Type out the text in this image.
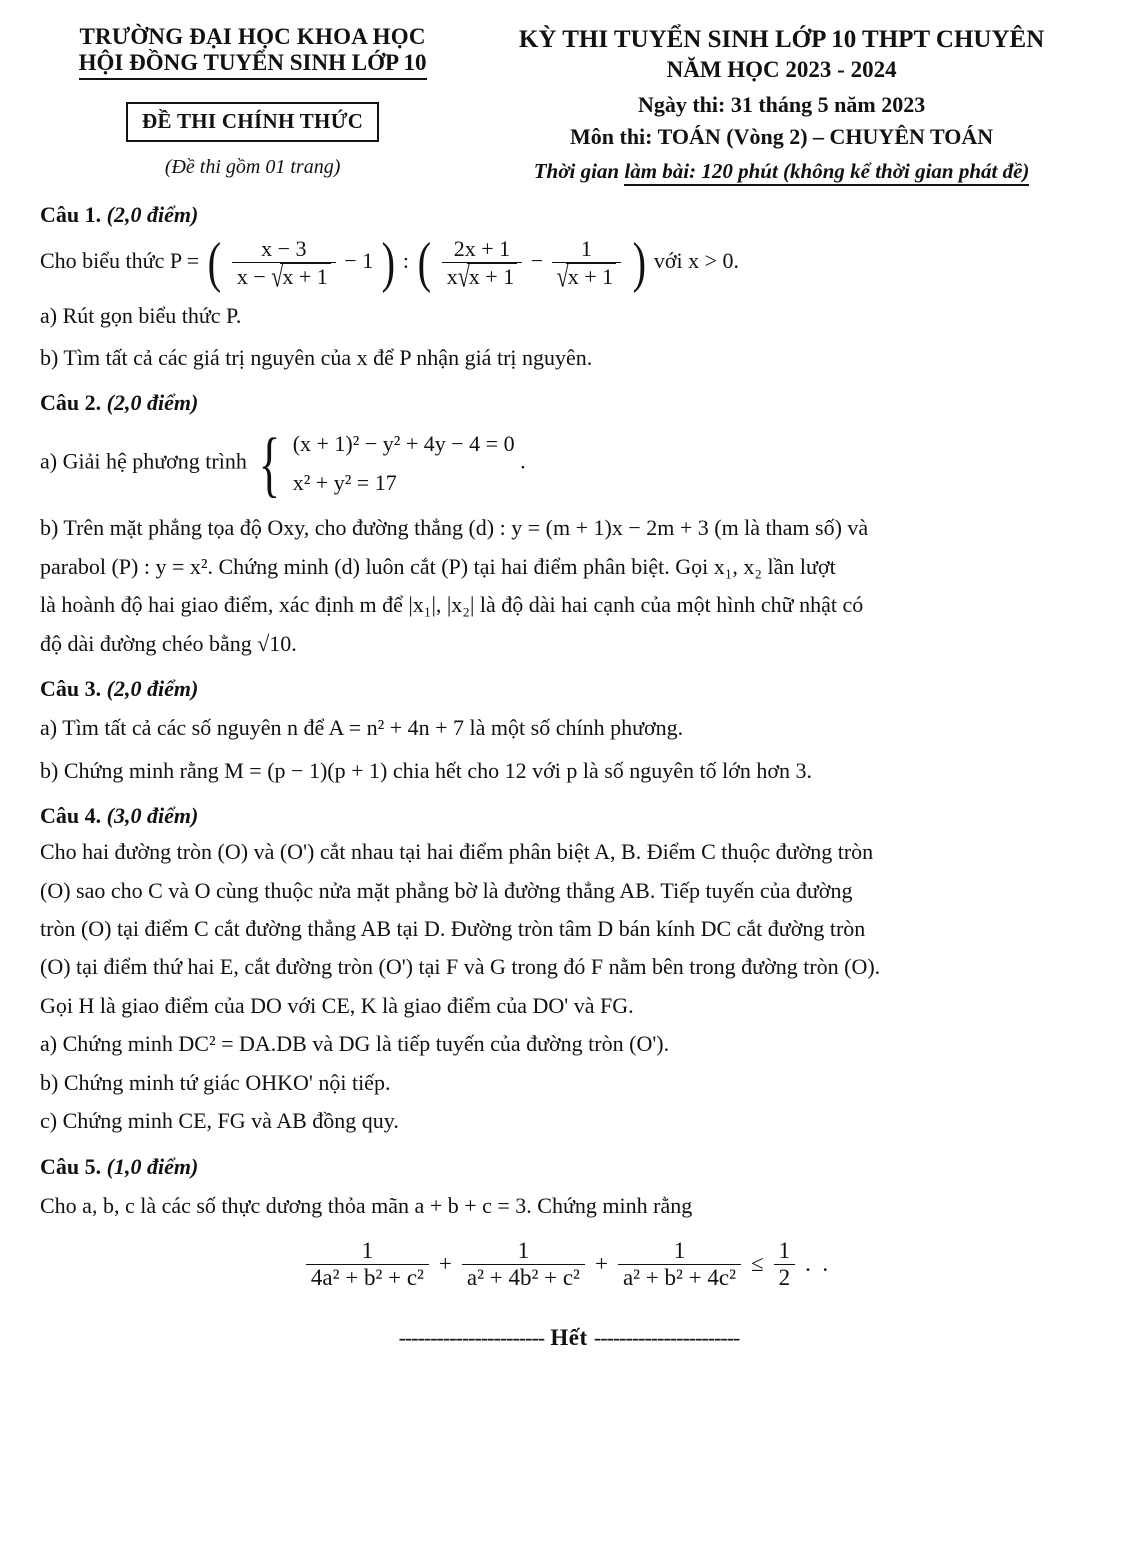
TRƯỜNG ĐẠI HỌC KHOA HỌC
HỘI ĐỒNG TUYỂN SINH LỚP 10
ĐỀ THI CHÍNH THỨC
(Đề thi gồm 01 trang)
KỲ THI TUYỂN SINH LỚP 10 THPT CHUYÊN
NĂM HỌC 2023 - 2024
Ngày thi: 31 tháng 5 năm 2023
Môn thi: TOÁN (Vòng 2) – CHUYÊN TOÁN
Thời gian làm bài: 120 phút (không kể thời gian phát đề)
Câu 1. (2,0 điểm)
Cho biểu thức P = ( $\frac{x - 3}{x - √x + 1} - 1$ ) : ( $\frac{2x + 1}{x√x + 1} - \frac{1}{√x + 1}$ ) với x > 0.
a) Rút gọn biểu thức P.
b) Tìm tất cả các giá trị nguyên của x để P nhận giá trị nguyên.
Câu 2. (2,0 điểm)
a) Giải hệ phương trình { (x + 1)² − y² + 4y − 4 = 0
x² + y² = 17
.
b) Trên mặt phẳng tọa độ Oxy, cho đường thẳng (d) : y = (m + 1)x − 2m + 3 (m là tham số) và
parabol (P) : y = x². Chứng minh (d) luôn cắt (P) tại hai điểm phân biệt. Gọi x₁, x₂ lần lượt
là hoành độ hai giao điểm, xác định m để |x₁|, |x₂| là độ dài hai cạnh của một hình chữ nhật có
độ dài đường chéo bằng √10.
Câu 3. (2,0 điểm)
a) Tìm tất cả các số nguyên n để A = n² + 4n + 7 là một số chính phương.
b) Chứng minh rằng M = (p − 1)(p + 1) chia hết cho 12 với p là số nguyên tố lớn hơn 3.
Câu 4. (3,0 điểm)
Cho hai đường tròn (O) và (O') cắt nhau tại hai điểm phân biệt A, B. Điểm C thuộc đường tròn
(O) sao cho C và O cùng thuộc nửa mặt phẳng bờ là đường thẳng AB. Tiếp tuyến của đường
tròn (O) tại điểm C cắt đường thẳng AB tại D. Đường tròn tâm D bán kính DC cắt đường tròn
(O) tại điểm thứ hai E, cắt đường tròn (O') tại F và G trong đó F nằm bên trong đường tròn (O).
Gọi H là giao điểm của DO với CE, K là giao điểm của DO' và FG.
a) Chứng minh DC² = DA.DB và DG là tiếp tuyến của đường tròn (O').
b) Chứng minh tứ giác OHKO' nội tiếp.
c) Chứng minh CE, FG và AB đồng quy.
Câu 5. (1,0 điểm)
Cho a, b, c là các số thực dương thỏa mãn a + b + c = 3. Chứng minh rằng
$\frac{1}{\text{4a² + b² + c²}} + \frac{1}{\text{a² + 4b² + c²}} + \frac{1}{\text{a² + b² + 4c²}} \le \frac{1}{2}$ .  .
----------------------- Hết -----------------------
